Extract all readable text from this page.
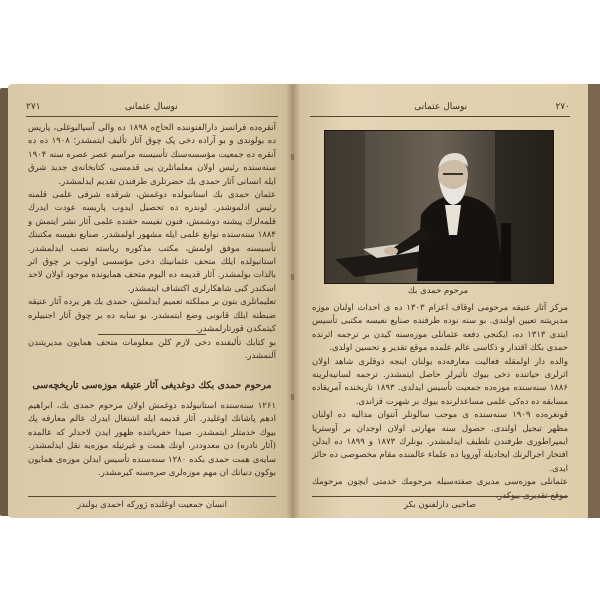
٢٧١	نوسال عثمانی

آنقره‌ده فرانسز دارالفنوننده الحاج‌ه ۱۸۹۸ ده والی آسپالیوغلی، پاریس ده بولوندی و بو آراده دخی پک چوق آثار تألیف ایتمشدر؛ ۱۹۰۸ ده ده آنقره ده جمعیت مؤسسه‌سنك تأسیسنه مراسم عصر عصره سنه ۱۹۰۴ سنه‌سنده رئیس اولان معلماتلرن پی قدمسی، كتابخانه‌ی جدید شرق ایله انسانی آثار حمدی بك حضرتلری طرفندن تقدیم ایدلمشدر.

عثمان حمدی بك استانبولده دوغمش، شرقده شرفی علمی قلمنه رئیس ادلموشدر. لوندره ده تحصیل ایدوب پاریسه عودت ایدرك قلمه‌لرك پیشنه دوشمش، فنون نفیسه حقنده علمی آثار نشر ایتمش و ۱۸۸۴ سنه‌سنده نوابغ علمی ایله مشهور اولمشدر. صنایع نفیسه مکتبنك تأسیسنه موفق اولمش، مکتب مذکوره ریاسته نصب ایدلمشدر. استانبولده ایلك متحف عثمانینك دخی مؤسسی اولوب بر چوق اثر بالذات بولمشدر. آثار قدیمه ده الیوم متحف همایونده موجود اولان لاحد اسكندر كبی شاهكارلری اكتشاف ایتمشدر.

تعلیماتلری بتون بر مملكته تعمیم ایدلمش، حمدی بك هر یرده آثار عتیقه ضبطنه ایلك قانونی وضع ایتمشدر. بو سایه ده بر چوق آثار اجنبیلره كیتمكدن قورتارلمشدر.

بو كتابك تألیفنده دخی لازم كلن معلومات متحف همایون مدیریتندن آلنمشدر.

مرحوم حمدی بكك دوغدیغی آثار عتیقه موزه‌سی تاریخچه‌سی

۱۲۶۱ سنه‌سنده استانبولده دوغمش اولان مرحوم حمدی بك، ابراهیم ادهم پاشانك اوغلیدر. آثار قدیمه ایله اشتغال ایدرك عالم معارفه پك بیوك خدمتلر ایتمشدر. صیدا حفریاتنده ظهور ایدن لاحدلر كه عالمده (آثار نادره) دن معدوددر، اونك همت و غیرتیله موزه‌یه نقل ایدلمشدر. سایه‌ی همت حمدی بكده ۱۲۸۰ سنه‌سنده تأسیس ایدلن موزه‌ی همایون بوكون دنیانك ان مهم موزه‌لری صره‌سنه كیرمشدر.

انسان جمعیت اوغلنده ژوركه احمدی بولندر
نوسال عثمانی	٢٧٠
مرحوم حمدی بك

مرکز آثار عتیقه مرحومی اوقاف اعزام ۱۳۰۳ ده ی احداث اولنان موزه مدیریتنه تعیین اولندی. بو سنه نوده طرفنده صنایع نفیسه مکتبی تأسیس ایتدی ۱۳۱۳ ده، ایكنجی دفعه عثمانلی موزه‌سنه کیدن بر ترجمه اثرنده حمدی بكك اقتدار و ذكاسی عالم علمده موقع تقدیر و تحسین اولدی.

والده دار اولمقله فعالیت معارفه‌ده بولنان اینجه ذوقلری شاهد اولان اثرلری حیاتنده دخی بیوك تأثیرلر حاصل ایتمشدر. ترجمه لسانیه‌لرینه ۱۸۸۶ سنه‌سنده موزه‌ده جمعیت تأسیس ایدلدی. ۱۸۹۳ تاریخنده آمریقاده مسابقه ده ده‌كی علمی مساعدلرنده بیوك بر شهرت قزاندی.

قونغره‌ده ۱۹۰۹ سنه‌سنده ی موجب سالونلر آنتوان مدالیه ده اولنان مظهر تبجیل اولندی. حصول سنه مهارتی اولان اوجدان بر آوستریا ایمپراطوری طرفندن تلطیف ایدلمشدر. بونلرك ۱۸۷۳ و ۱۸۹۹ ده ایدلن افتخار اجرالرنك ایجادیله آوروپا ده علماء عالمنده مقام مخصوصی ده حائز ایدی.

عثمانلی موزه‌سی مدیری صفته‌سیله مرحومك خدمتی ایچون مرحومك

صاحبی دارلفنون بكر
